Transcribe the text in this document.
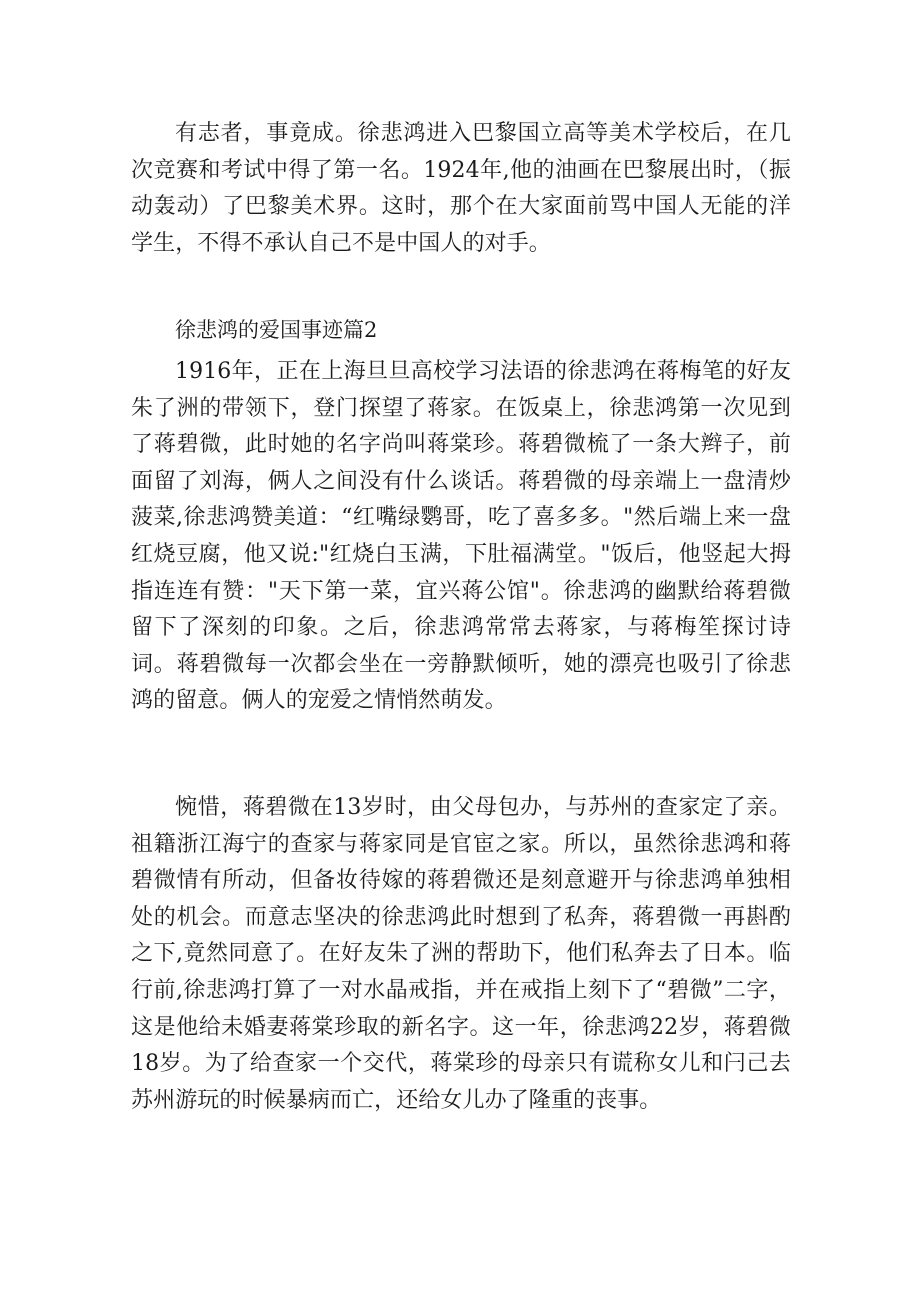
有志者，事竟成。徐悲鸿进入巴黎国立高等美术学校后，在几次竞赛和考试中得了第一名。1924年,他的油画在巴黎展出时，（振动轰动）了巴黎美术界。这时，那个在大家面前骂中国人无能的洋学生，不得不承认自己不是中国人的对手。

徐悲鸿的爱国事迹篇2

1916年，正在上海旦旦高校学习法语的徐悲鸿在蒋梅笔的好友朱了洲的带领下，登门探望了蒋家。在饭桌上，徐悲鸿第一次见到了蒋碧微，此时她的名字尚叫蒋棠珍。蒋碧微梳了一条大辫子，前面留了刘海，俩人之间没有什么谈话。蒋碧微的母亲端上一盘清炒菠菜,徐悲鸿赞美道：“红嘴绿鹦哥，吃了喜多多。"然后端上来一盘红烧豆腐，他又说:"红烧白玉满，下肚福满堂。"饭后，他竖起大拇指连连有赞："天下第一菜，宜兴蒋公馆"。徐悲鸿的幽默给蒋碧微留下了深刻的印象。之后，徐悲鸿常常去蒋家，与蒋梅笙探讨诗词。蒋碧微每一次都会坐在一旁静默倾听，她的漂亮也吸引了徐悲鸿的留意。俩人的宠爱之情悄然萌发。

惋惜，蒋碧微在13岁时，由父母包办，与苏州的查家定了亲。祖籍浙江海宁的查家与蒋家同是官宦之家。所以，虽然徐悲鸿和蒋碧微情有所动，但备妆待嫁的蒋碧微还是刻意避开与徐悲鸿单独相处的机会。而意志坚决的徐悲鸿此时想到了私奔，蒋碧微一再斟酌之下,竟然同意了。在好友朱了洲的帮助下，他们私奔去了日本。临行前,徐悲鸿打算了一对水晶戒指，并在戒指上刻下了“碧微”二字，这是他给未婚妻蒋棠珍取的新名字。这一年，徐悲鸿22岁，蒋碧微18岁。为了给查家一个交代，蒋棠珍的母亲只有谎称女儿和闩己去苏州游玩的时候暴病而亡，还给女儿办了隆重的丧事。
